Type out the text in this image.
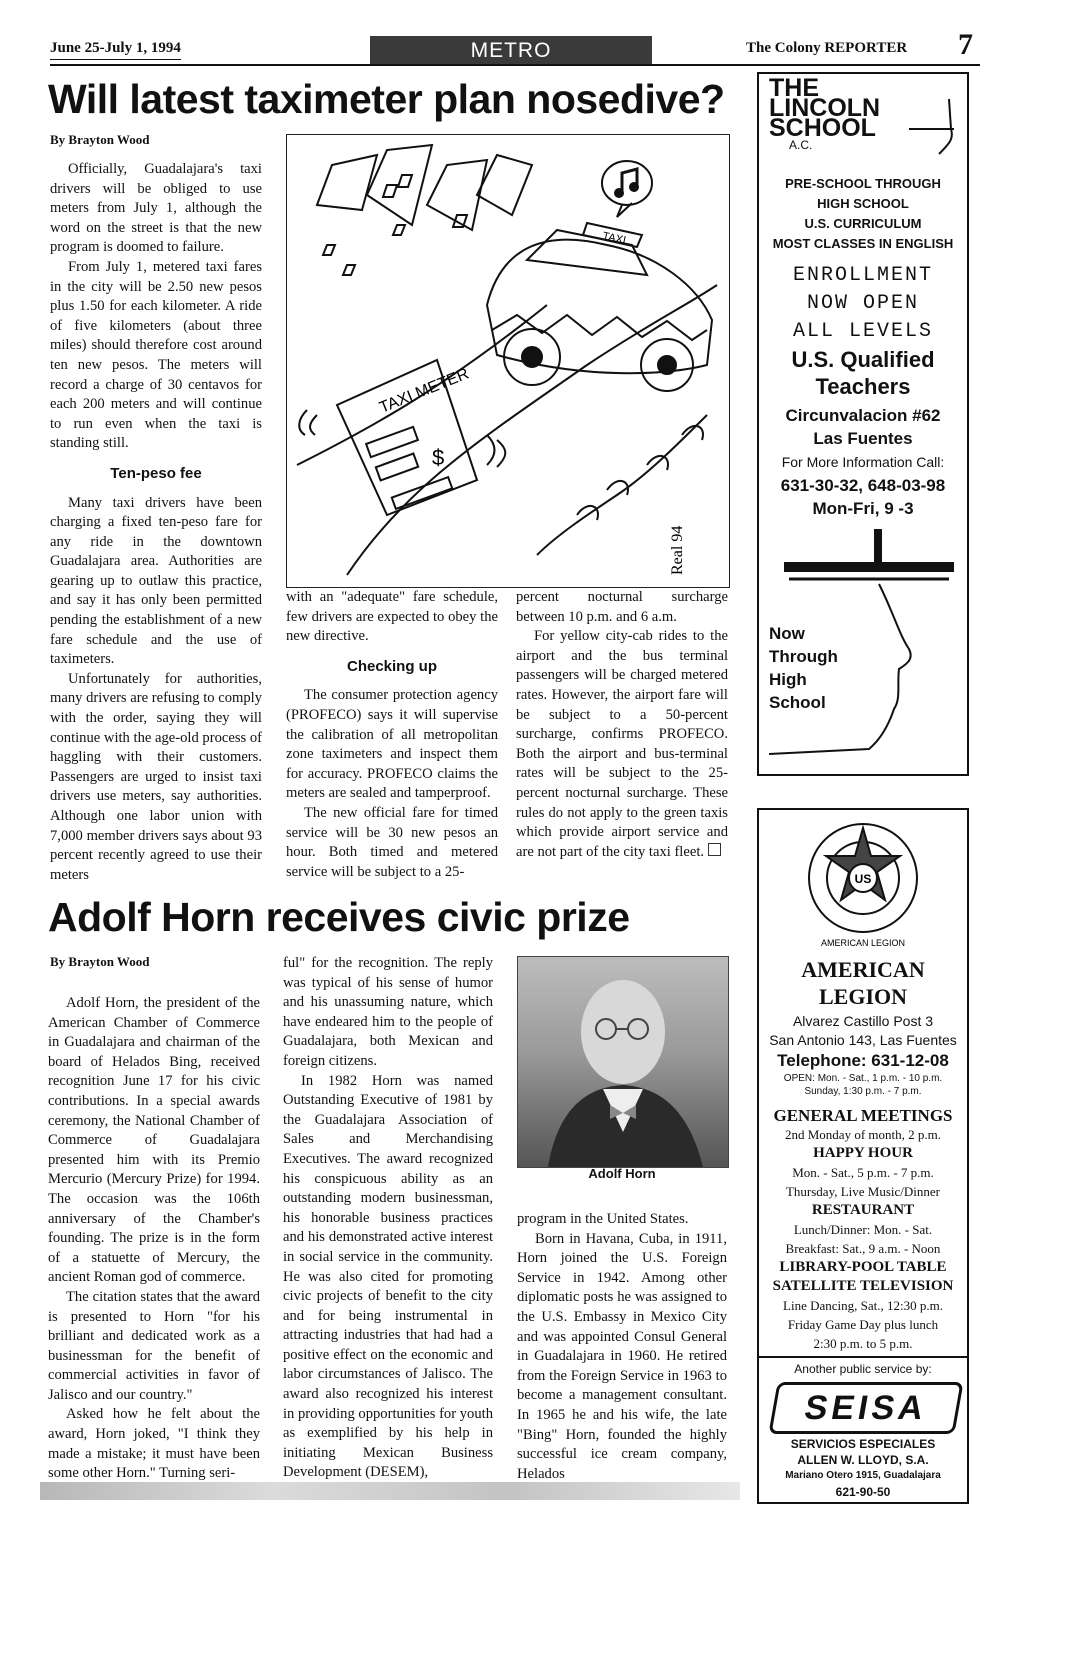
June 25-July 1, 1994	METRO	The Colony REPORTER 7
Will latest taximeter plan nosedive?
By Brayton Wood

Officially, Guadalajara's taxi drivers will be obliged to use meters from July 1, although the word on the street is that the new program is doomed to failure.

From July 1, metered taxi fares in the city will be 2.50 new pesos plus 1.50 for each kilometer. A ride of five kilometers (about three miles) should therefore cost around ten new pesos. The meters will record a charge of 30 centavos for each 200 meters and will continue to run even when the taxi is standing still.

Ten-peso fee

Many taxi drivers have been charging a fixed ten-peso fare for any ride in the downtown Guadalajara area. Authorities are gearing up to outlaw this practice, and say it has only been permitted pending the establishment of a new fare schedule and the use of taximeters.

Unfortunately for authorities, many drivers are refusing to comply with the order, saying they will continue with the age-old process of haggling with their customers. Passengers are urged to insist taxi drivers use meters, say authorities. Although one labor union with 7,000 member drivers says about 93 percent recently agreed to use their meters

TAXI METER
TAXI
$
Real 94

with an "adequate" fare schedule, few drivers are expected to obey the new directive.

Checking up

The consumer protection agency (PROFECO) says it will supervise the calibration of all metropolitan zone taximeters and inspect them for accuracy. PROFECO claims the meters are sealed and tamperproof.

The new official fare for timed service will be 30 new pesos an hour. Both timed and metered service will be subject to a 25-

percent nocturnal surcharge between 10 p.m. and 6 a.m.

For yellow city-cab rides to the airport and the bus terminal passengers will be charged metered rates. However, the airport fare will be subject to a 50-percent surcharge, confirms PROFECO. Both the airport and bus-terminal rates will be subject to the 25-percent nocturnal surcharge. These rules do not apply to the green taxis which provide airport service and are not part of the city taxi fleet.

Adolf Horn receives civic prize
By Brayton Wood

Adolf Horn, the president of the American Chamber of Commerce in Guadalajara and chairman of the board of Helados Bing, received recognition June 17 for his civic contributions. In a special awards ceremony, the National Chamber of Commerce of Guadalajara presented him with its Premio Mercurio (Mercury Prize) for 1994. The occasion was the 106th anniversary of the Chamber's founding. The prize is in the form of a statuette of Mercury, the ancient Roman god of commerce.

The citation states that the award is presented to Horn "for his brilliant and dedicated work as a businessman for the benefit of commercial activities in favor of Jalisco and our country."

Asked how he felt about the award, Horn joked, "I think they made a mistake; it must have been some other Horn." Turning seri-

ful" for the recognition. The reply was typical of his sense of humor and his unassuming nature, which have endeared him to the people of Guadalajara, both Mexican and foreign citizens.

In 1982 Horn was named Outstanding Executive of 1981 by the Guadalajara Association of Sales and Merchandising Executives. The award recognized his conspicuous ability as an outstanding modern businessman, his honorable business practices and his demonstrated active interest in social service in the community. He was also cited for promoting civic projects of benefit to the city and for being instrumental in attracting industries that had had a positive effect on the economic and labor circumstances of Jalisco. The award also recognized his interest in providing opportunities for youth as exemplified by his help in initiating Mexican Business Development (DESEM),

Adolf Horn

program in the United States.

Born in Havana, Cuba, in 1911, Horn joined the U.S. Foreign Service in 1942. Among other diplomatic posts he was assigned to the U.S. Embassy in Mexico City and was appointed Consul General in Guadalajara in 1960. He retired from the Foreign Service in 1963 to become a management consultant. In 1965 he and his wife, the late "Bing" Horn, founded the highly successful ice cream company, Helados

THE
LINCOLN
SCHOOL
A.C.
PRE-SCHOOL THROUGH
HIGH SCHOOL
U.S. CURRICULUM
MOST CLASSES IN ENGLISH
ENROLLMENT
NOW OPEN
ALL LEVELS
U.S. Qualified
Teachers
Circunvalacion #62
Las Fuentes
For More Information Call:
631-30-32, 648-03-98
Mon-Fri, 9 -3
Now
Through
High
School
US
AMERICAN LEGION
AMERICAN
LEGION
Alvarez Castillo Post 3
San Antonio 143, Las Fuentes
Telephone: 631-12-08
OPEN: Mon. - Sat., 1 p.m. - 10 p.m.
Sunday, 1:30 p.m. - 7 p.m.
GENERAL MEETINGS
2nd Monday of month, 2 p.m.
HAPPY HOUR
Mon. - Sat., 5 p.m. - 7 p.m.
Thursday, Live Music/Dinner
RESTAURANT
Lunch/Dinner: Mon. - Sat.
Breakfast: Sat., 9 a.m. - Noon
LIBRARY-POOL TABLE
SATELLITE TELEVISION
Line Dancing, Sat., 12:30 p.m.
Friday Game Day plus lunch
2:30 p.m. to 5 p.m.
Another public service by:
SEISA
SERVICIOS ESPECIALES
ALLEN W. LLOYD, S.A.
Mariano Otero 1915, Guadalajara
621-90-50
